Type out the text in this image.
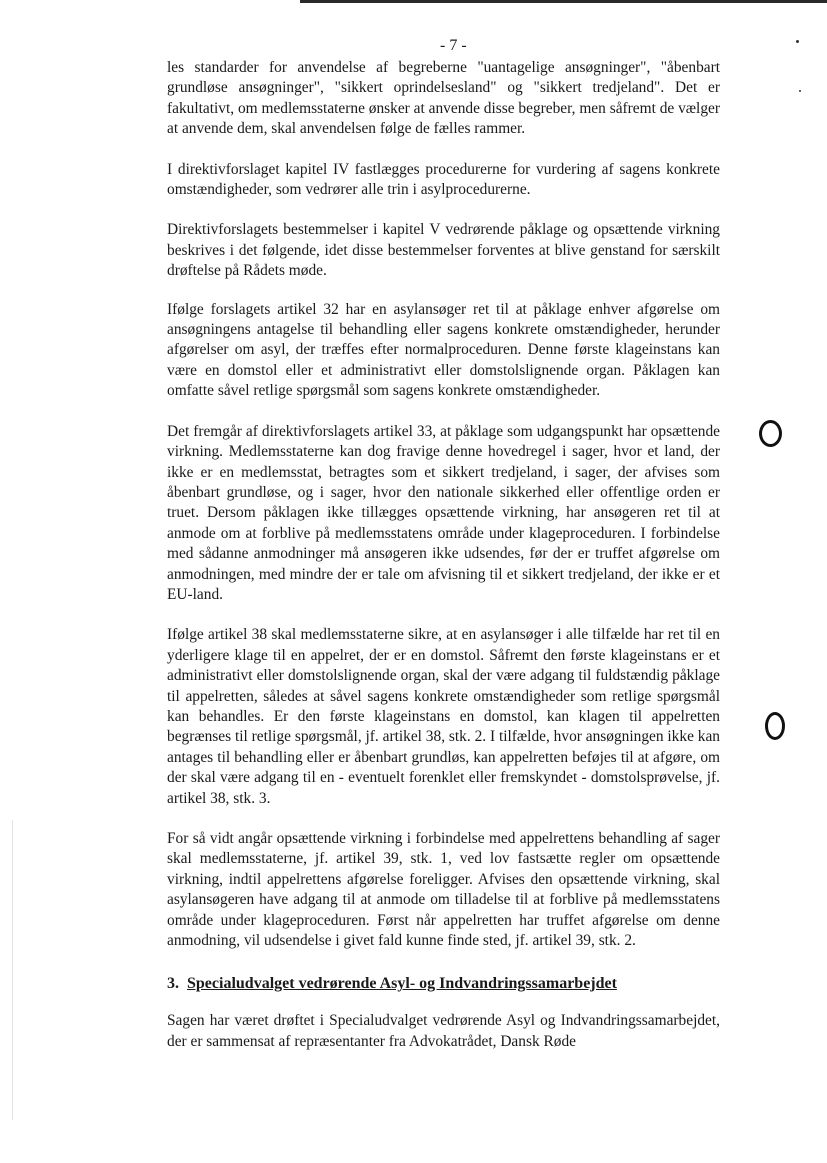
- 7 -

les standarder for anvendelse af begreberne "uantagelige ansøgninger", "åbenbart grundløse ansøgninger", "sikkert oprindelsesland" og "sikkert tredjeland". Det er fakultativt, om medlemsstaterne ønsker at anvende disse begreber, men såfremt de vælger at anvende dem, skal anvendelsen følge de fælles rammer.

I direktivforslaget kapitel IV fastlægges procedurerne for vurdering af sagens konkrete omstændigheder, som vedrører alle trin i asylprocedurerne.

Direktivforslagets bestemmelser i kapitel V vedrørende påklage og opsættende virkning beskrives i det følgende, idet disse bestemmelser forventes at blive genstand for særskilt drøftelse på Rådets møde.

Ifølge forslagets artikel 32 har en asylansøger ret til at påklage enhver afgørelse om ansøgningens antagelse til behandling eller sagens konkrete omstændigheder, herunder afgørelser om asyl, der træffes efter normalproceduren. Denne første klageinstans kan være en domstol eller et administrativt eller domstolslignende organ. Påklagen kan omfatte såvel retlige spørgsmål som sagens konkrete omstændigheder.

Det fremgår af direktivforslagets artikel 33, at påklage som udgangspunkt har opsættende virkning. Medlemsstaterne kan dog fravige denne hovedregel i sager, hvor et land, der ikke er en medlemsstat, betragtes som et sikkert tredjeland, i sager, der afvises som åbenbart grundløse, og i sager, hvor den nationale sikkerhed eller offentlige orden er truet. Dersom påklagen ikke tillægges opsættende virkning, har ansøgeren ret til at anmode om at forblive på medlemsstatens område under klageproceduren. I forbindelse med sådanne anmodninger må ansøgeren ikke udsendes, før der er truffet afgørelse om anmodningen, med mindre der er tale om afvisning til et sikkert tredjeland, der ikke er et EU-land.

Ifølge artikel 38 skal medlemsstaterne sikre, at en asylansøger i alle tilfælde har ret til en yderligere klage til en appelret, der er en domstol. Såfremt den første klageinstans er et administrativt eller domstolslignende organ, skal der være adgang til fuldstændig påklage til appelretten, således at såvel sagens konkrete omstændigheder som retlige spørgsmål kan behandles. Er den første klageinstans en domstol, kan klagen til appelretten begrænses til retlige spørgsmål, jf. artikel 38, stk. 2. I tilfælde, hvor ansøgningen ikke kan antages til behandling eller er åbenbart grundløs, kan appelretten beføjes til at afgøre, om der skal være adgang til en - eventuelt forenklet eller fremskyndet - domstolsprøvelse, jf. artikel 38, stk. 3.

For så vidt angår opsættende virkning i forbindelse med appelrettens behandling af sager skal medlemsstaterne, jf. artikel 39, stk. 1, ved lov fastsætte regler om opsættende virkning, indtil appelrettens afgørelse foreligger. Afvises den opsættende virkning, skal asylansøgeren have adgang til at anmode om tilladelse til at forblive på medlemsstatens område under klageproceduren. Først når appelretten har truffet afgørelse om denne anmodning, vil udsendelse i givet fald kunne finde sted, jf. artikel 39, stk. 2.

3. Specialudvalget vedrørende Asyl- og Indvandringssamarbejdet

Sagen har været drøftet i Specialudvalget vedrørende Asyl og Indvandringssamarbejdet, der er sammensat af repræsentanter fra Advokatrådet, Dansk Røde
